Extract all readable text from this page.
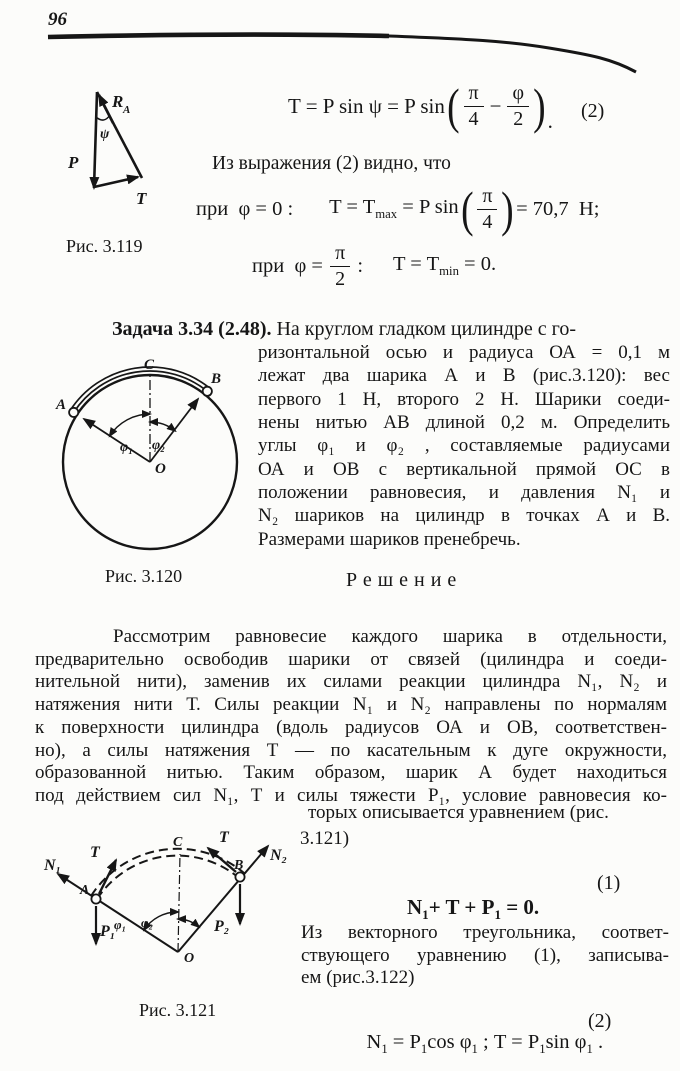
96
R A
ψ
P
T
Рис. 3.119
T = P sin ψ = P sin ( $\frac{\pi}{4} - \frac{\varphi}{2}$ ) . (2)
Из выражения (2) видно, что
при  φ = 0 : $T = T_{max} = P$ sin ( $\frac{\pi}{4}$ ) = 70,7  Н;
при  $\varphi = \frac{\pi}{2}$ : $T = T_{min} = 0$.
Задача 3.34 (2.48). На круглом гладком цилиндре с го-
ризонтальной осью и радиуса ОА = 0,1 м
лежат два шарика А и В (рис.3.120): вес
первого 1 Н, второго 2 Н. Шарики соеди-
нены нитью АВ длиной 0,2 м. Определить
углы φ₁ и φ₂ , составляемые радиусами
ОА и ОВ с вертикальной прямой ОС в
положении равновесия, и давления N₁ и
N₂ шариков на цилиндр в точках А и В.
Размерами шариков пренебречь.
A
B
C
O
φ₁ φ₂
Рис. 3.120	Решение
Рассмотрим равновесие каждого шарика в отдельности,
предварительно освободив шарики от связей (цилиндра и соеди-
нительной нити), заменив их силами реакции цилиндра N₁, N₂ и
натяжения нити Т. Силы реакции N₁ и N₂ направлены по нормалям
к поверхности цилиндра (вдоль радиусов ОА и ОВ, соответствен-
но), а силы натяжения Т — по касательным к дуге окружности,
образованной нитью. Таким образом, шарик А будет находиться
под действием сил N₁, Т и силы тяжести Р₁, условие равновесия ко-
N₁
N₂
T
T
P₁	P₂
A
B
C
O
φ₁ φ₂
Рис. 3.121
торых описывается уравнением (рис.
3.121)

$N_1+ T + P_1 = 0$.

(1)
Из векторного треугольника, соответ-
ствующего уравнению (1), записыва-
ем (рис.3.122)

$N_1 = P_1\cos$ $\varphi_1$ ; $T = P_1\sin$ $\varphi_1$ .

(2)
